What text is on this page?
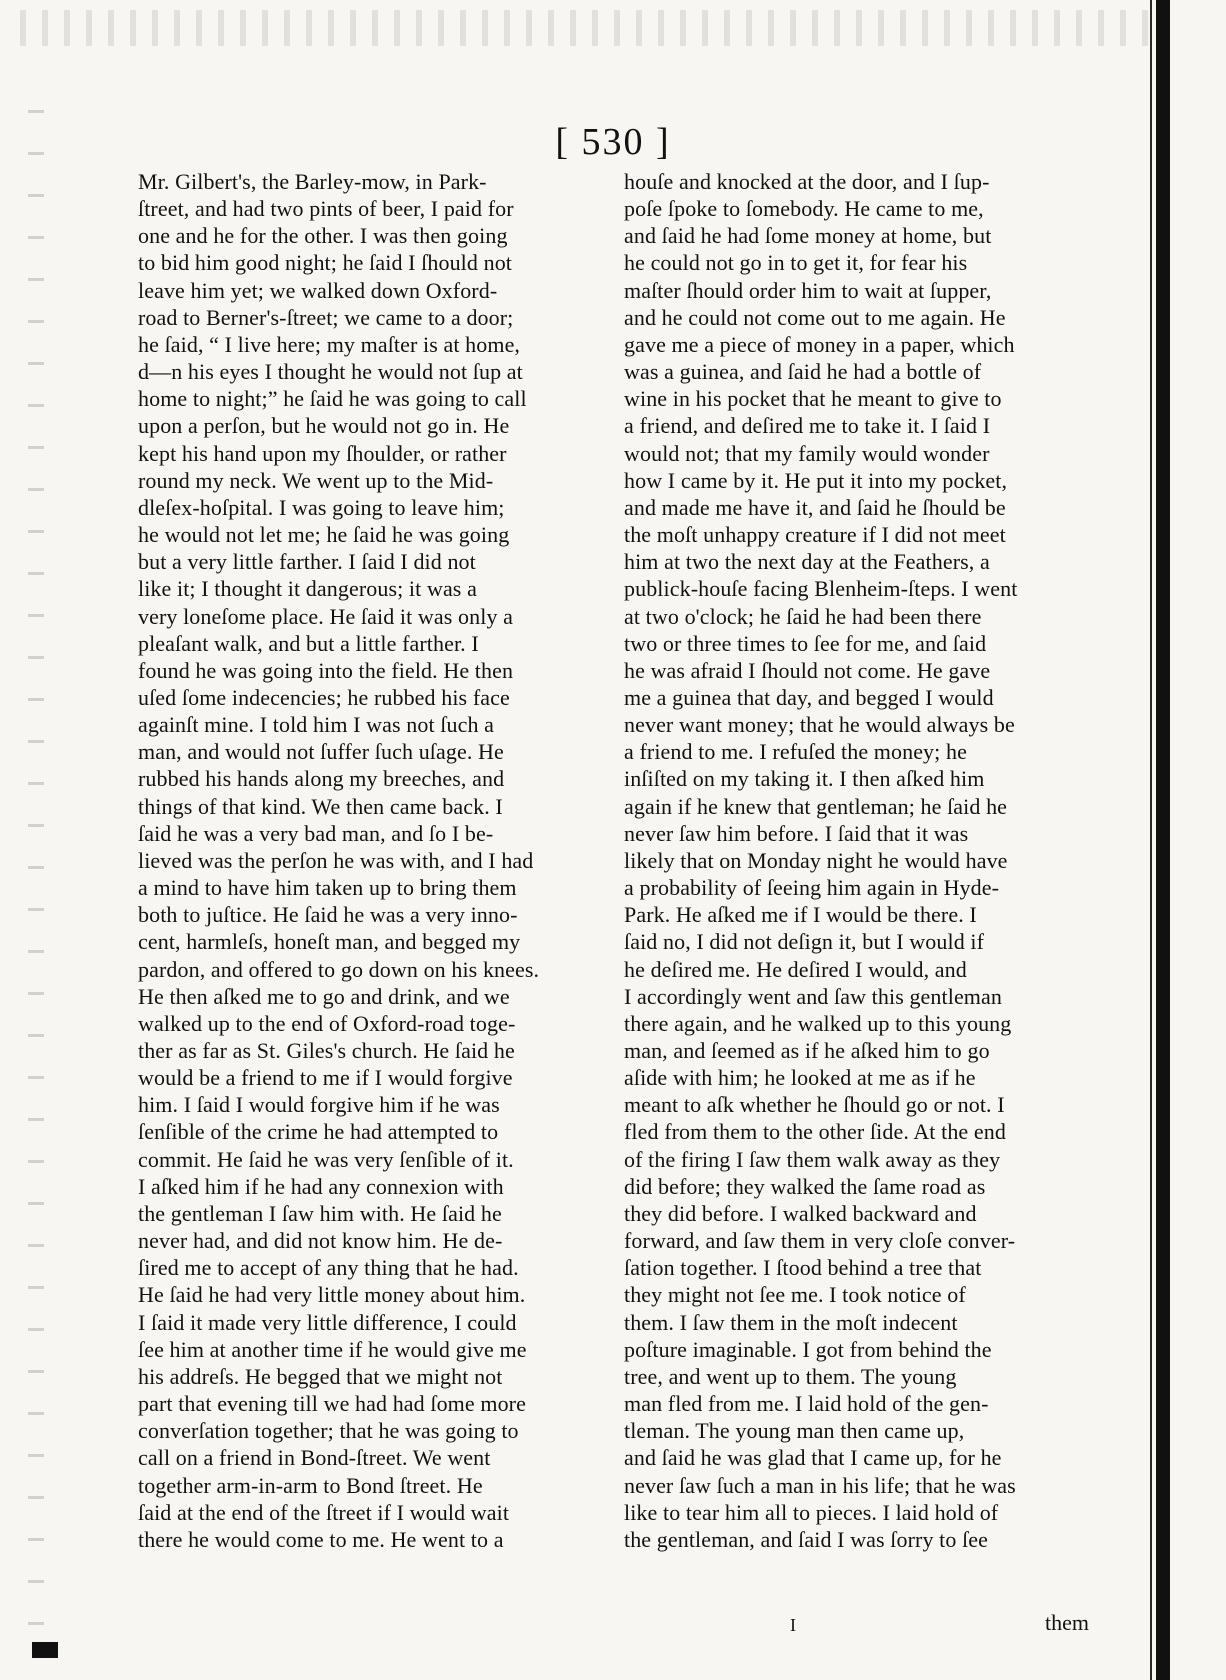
[ 530 ]
Mr. Gilbert's, the Barley-mow, in Park-
ſtreet, and had two pints of beer, I paid for
one and he for the other. I was then going
to bid him good night; he ſaid I ſhould not
leave him yet; we walked down Oxford-
road to Berner's-ſtreet; we came to a door;
he ſaid, “ I live here; my maſter is at home,
d—n his eyes I thought he would not ſup at
home to night;” he ſaid he was going to call
upon a perſon, but he would not go in. He
kept his hand upon my ſhoulder, or rather
round my neck. We went up to the Mid-
dleſex-hoſpital. I was going to leave him;
he would not let me; he ſaid he was going
but a very little farther. I ſaid I did not
like it; I thought it dangerous; it was a
very loneſome place. He ſaid it was only a
pleaſant walk, and but a little farther. I
found he was going into the field. He then
uſed ſome indecencies; he rubbed his face
againſt mine. I told him I was not ſuch a
man, and would not ſuffer ſuch uſage. He
rubbed his hands along my breeches, and
things of that kind. We then came back. I
ſaid he was a very bad man, and ſo I be-
lieved was the perſon he was with, and I had
a mind to have him taken up to bring them
both to juſtice. He ſaid he was a very inno-
cent, harmleſs, honeſt man, and begged my
pardon, and offered to go down on his knees.
He then aſked me to go and drink, and we
walked up to the end of Oxford-road toge-
ther as far as St. Giles's church. He ſaid he
would be a friend to me if I would forgive
him. I ſaid I would forgive him if he was
ſenſible of the crime he had attempted to
commit. He ſaid he was very ſenſible of it.
I aſked him if he had any connexion with
the gentleman I ſaw him with. He ſaid he
never had, and did not know him. He de-
ſired me to accept of any thing that he had.
He ſaid he had very little money about him.
I ſaid it made very little difference, I could
ſee him at another time if he would give me
his addreſs. He begged that we might not
part that evening till we had had ſome more
converſation together; that he was going to
call on a friend in Bond-ſtreet. We went
together arm-in-arm to Bond ſtreet. He
ſaid at the end of the ſtreet if I would wait
there he would come to me. He went to a
houſe and knocked at the door, and I ſup-
poſe ſpoke to ſomebody. He came to me,
and ſaid he had ſome money at home, but
he could not go in to get it, for fear his
maſter ſhould order him to wait at ſupper,
and he could not come out to me again. He
gave me a piece of money in a paper, which
was a guinea, and ſaid he had a bottle of
wine in his pocket that he meant to give to
a friend, and deſired me to take it. I ſaid I
would not; that my family would wonder
how I came by it. He put it into my pocket,
and made me have it, and ſaid he ſhould be
the moſt unhappy creature if I did not meet
him at two the next day at the Feathers, a
publick-houſe facing Blenheim-ſteps. I went
at two o'clock; he ſaid he had been there
two or three times to ſee for me, and ſaid
he was afraid I ſhould not come. He gave
me a guinea that day, and begged I would
never want money; that he would always be
a friend to me. I refuſed the money; he
inſiſted on my taking it. I then aſked him
again if he knew that gentleman; he ſaid he
never ſaw him before. I ſaid that it was
likely that on Monday night he would have
a probability of ſeeing him again in Hyde-
Park. He aſked me if I would be there. I
ſaid no, I did not deſign it, but I would if
he deſired me. He deſired I would, and
I accordingly went and ſaw this gentleman
there again, and he walked up to this young
man, and ſeemed as if he aſked him to go
aſide with him; he looked at me as if he
meant to aſk whether he ſhould go or not. I
fled from them to the other ſide. At the end
of the firing I ſaw them walk away as they
did before; they walked the ſame road as
they did before. I walked backward and
forward, and ſaw them in very cloſe conver-
ſation together. I ſtood behind a tree that
they might not ſee me. I took notice of
them. I ſaw them in the moſt indecent
poſture imaginable. I got from behind the
tree, and went up to them. The young
man fled from me. I laid hold of the gen-
tleman. The young man then came up,
and ſaid he was glad that I came up, for he
never ſaw ſuch a man in his life; that he was
like to tear him all to pieces. I laid hold of
the gentleman, and ſaid I was ſorry to ſee
I	them
